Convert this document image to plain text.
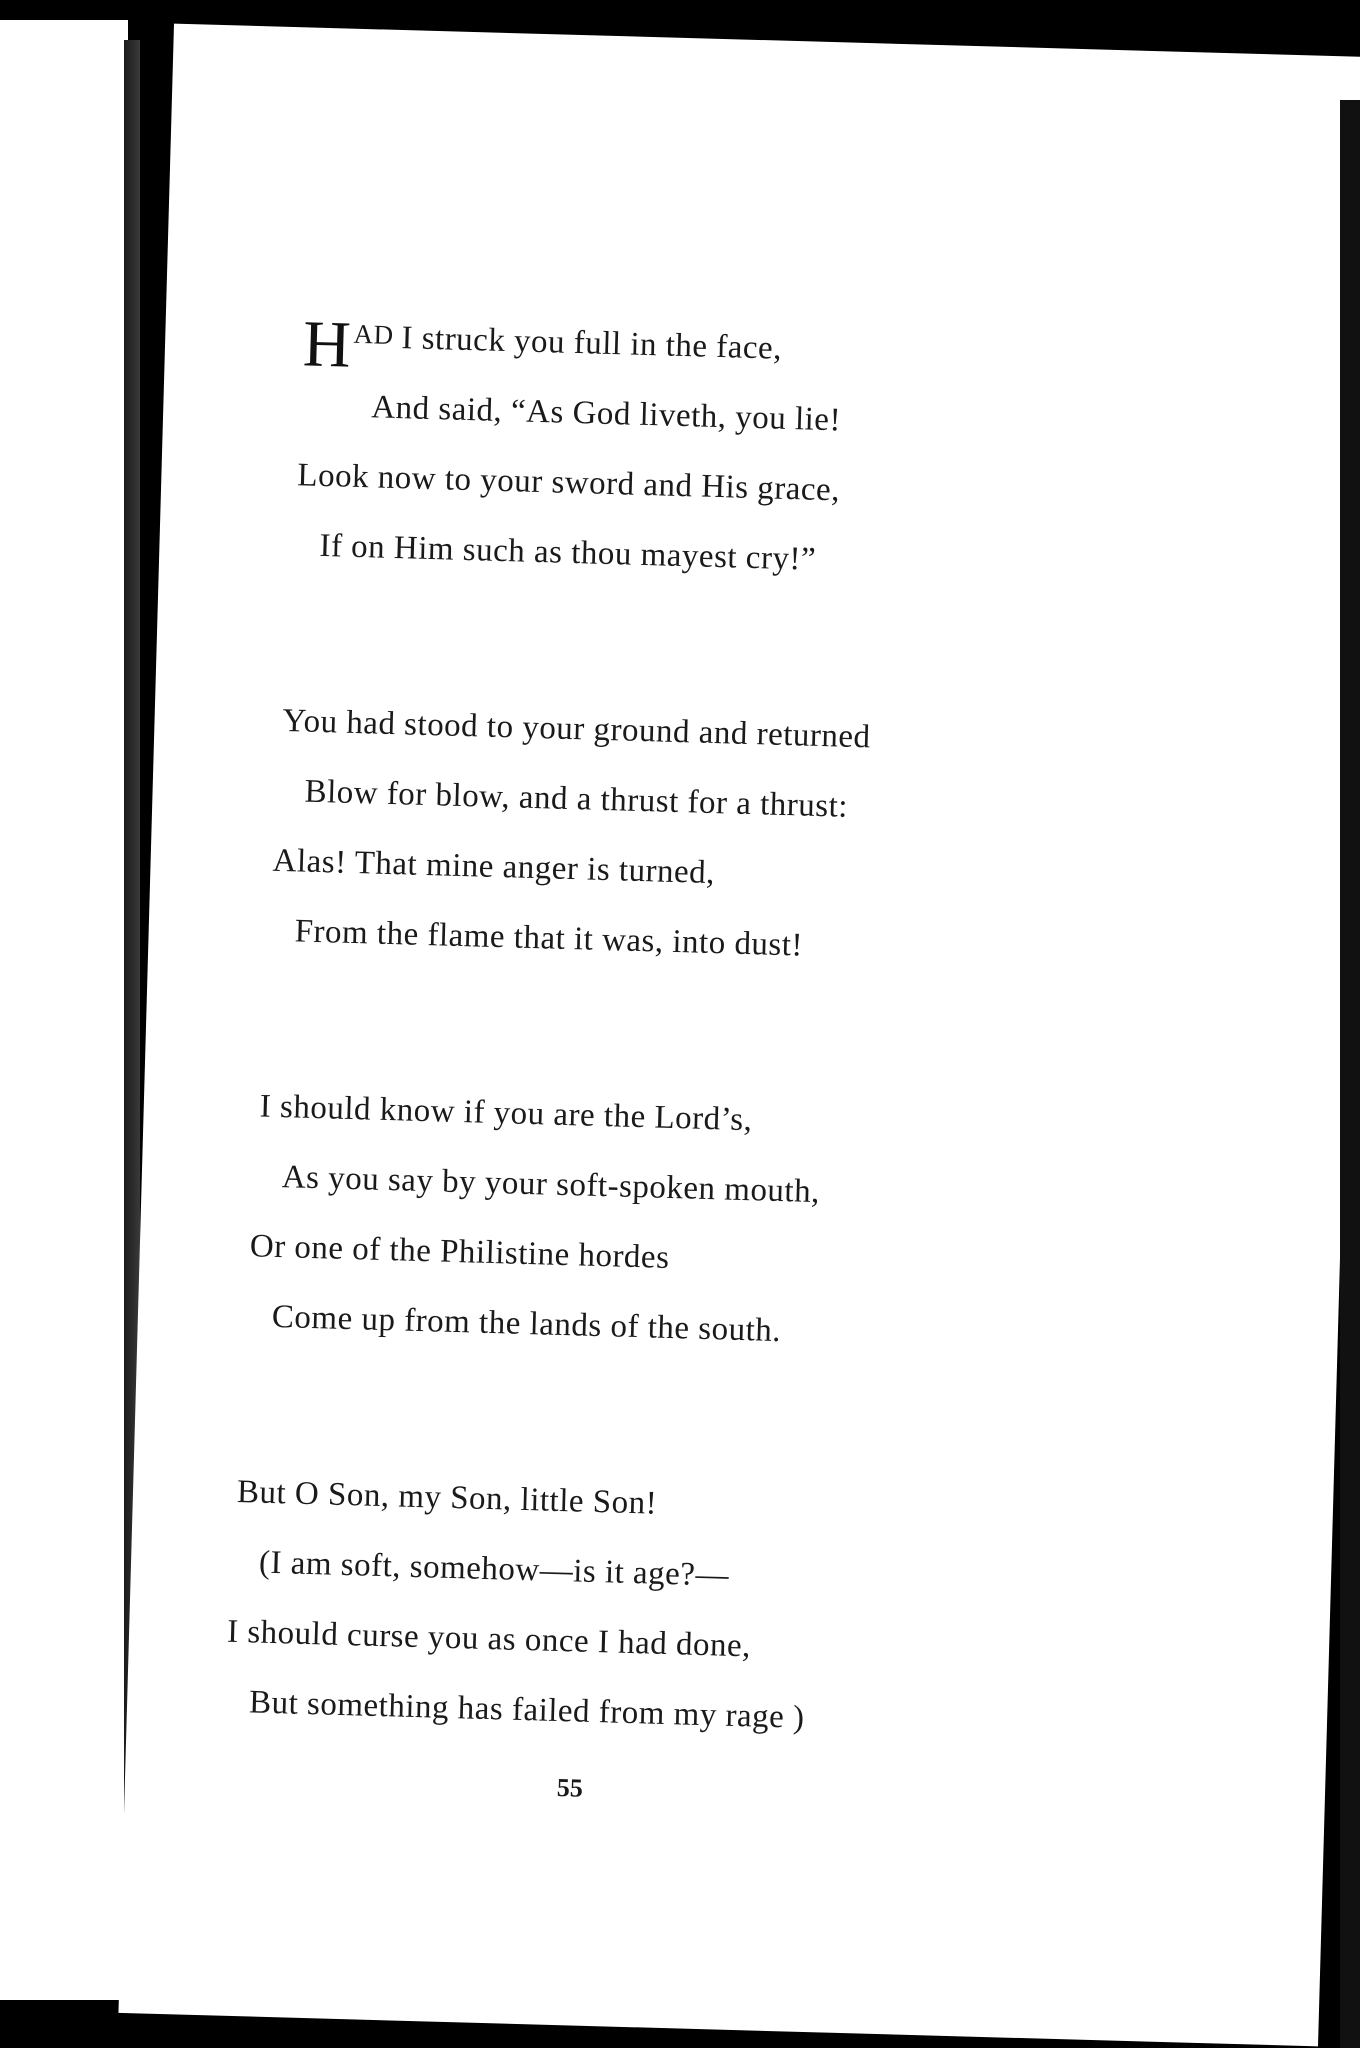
H AD I struck you full in the face,
And said, “As God liveth, you lie!
Look now to your sword and His grace,
If on Him such as thou mayest cry!”
You had stood to your ground and returned
Blow for blow, and a thrust for a thrust:
Alas! That mine anger is turned,
From the flame that it was, into dust!
I should know if you are the Lord’s,
As you say by your soft-spoken mouth,
Or one of the Philistine hordes
Come up from the lands of the south.
But O Son, my Son, little Son!
(I am soft, somehow—is it age?—
I should curse you as once I had done,
But something has failed from my rage )
55
